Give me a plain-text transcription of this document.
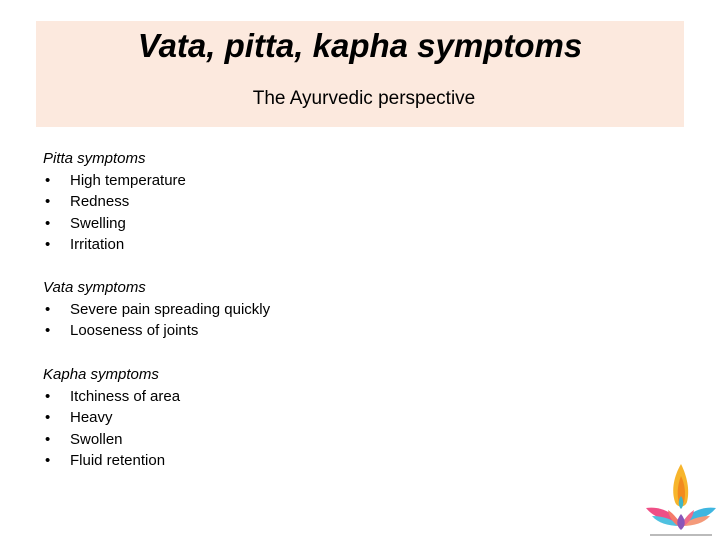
Vata, pitta, kapha symptoms
The Ayurvedic perspective
Pitta symptoms
• High temperature
• Redness
• Swelling
• Irritation
Vata symptoms
• Severe pain spreading quickly
• Looseness of joints
Kapha symptoms
• Itchiness of area
• Heavy
• Swollen
• Fluid retention
